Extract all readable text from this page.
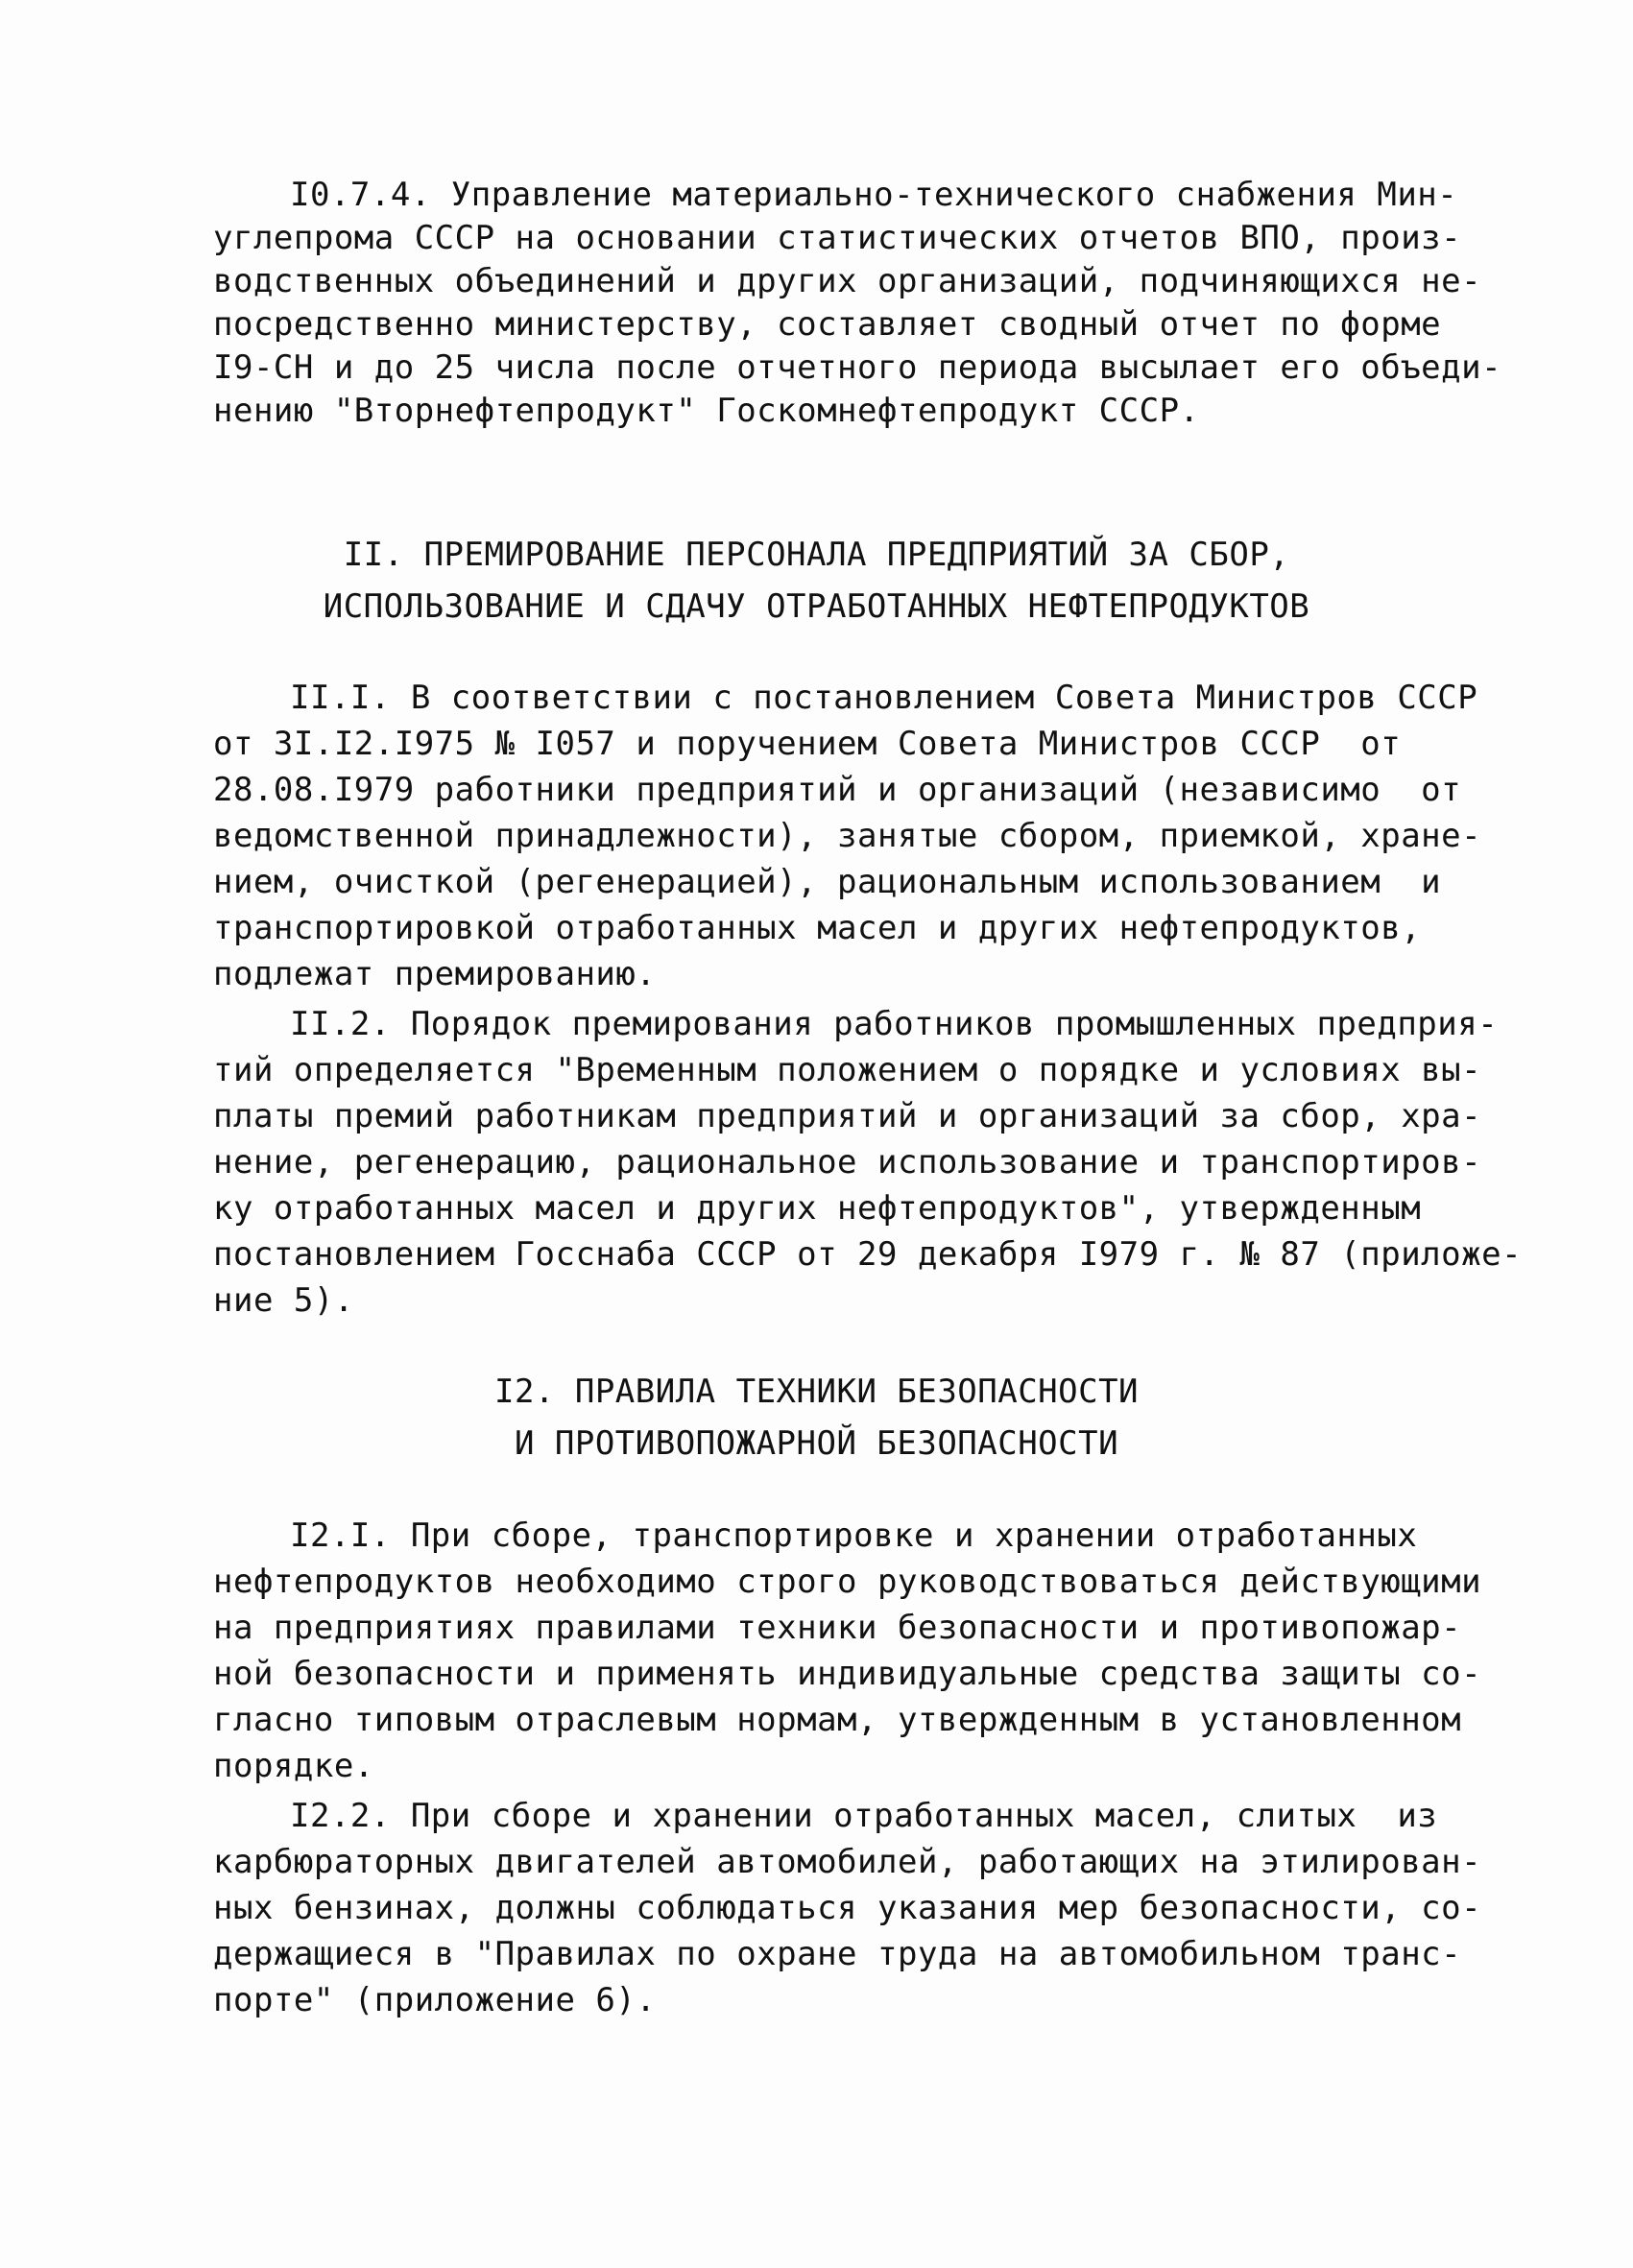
I0.7.4. Управление материально-технического снабжения Мин-
углепрома СССР на основании статистических отчетов ВПО, произ-
водственных объединений и других организаций, подчиняющихся не-
посредственно министерству, составляет сводный отчет по форме
I9-СН и до 25 числа после отчетного периода высылает его объеди-
нению "Вторнефтепродукт" Госкомнефтепродукт СССР.
II. ПРЕМИРОВАНИЕ ПЕРСОНАЛА ПРЕДПРИЯТИЙ ЗА СБОР,
ИСПОЛЬЗОВАНИЕ И СДАЧУ ОТРАБОТАННЫХ НЕФТЕПРОДУКТОВ
II.I. В соответствии с постановлением Совета Министров СССР
от 3I.I2.I975 № I057 и поручением Совета Министров СССР  от
28.08.I979 работники предприятий и организаций (независимо  от
ведомственной принадлежности), занятые сбором, приемкой, хране-
нием, очисткой (регенерацией), рациональным использованием  и
транспортировкой отработанных масел и других нефтепродуктов,
подлежат премированию.
II.2. Порядок премирования работников промышленных предприя-
тий определяется "Временным положением о порядке и условиях вы-
платы премий работникам предприятий и организаций за сбор, хра-
нение, регенерацию, рациональное использование и транспортиров-
ку отработанных масел и других нефтепродуктов", утвержденным
постановлением Госснаба СССР от 29 декабря I979 г. № 87 (приложе-
ние 5).
I2. ПРАВИЛА ТЕХНИКИ БЕЗОПАСНОСТИ
И ПРОТИВОПОЖАРНОЙ БЕЗОПАСНОСТИ
I2.I. При сборе, транспортировке и хранении отработанных
нефтепродуктов необходимо строго руководствоваться действующими
на предприятиях правилами техники безопасности и противопожар-
ной безопасности и применять индивидуальные средства защиты со-
гласно типовым отраслевым нормам, утвержденным в установленном
порядке.
I2.2. При сборе и хранении отработанных масел, слитых  из
карбюраторных двигателей автомобилей, работающих на этилирован-
ных бензинах, должны соблюдаться указания мер безопасности, со-
держащиеся в "Правилах по охране труда на автомобильном транс-
порте" (приложение 6).
